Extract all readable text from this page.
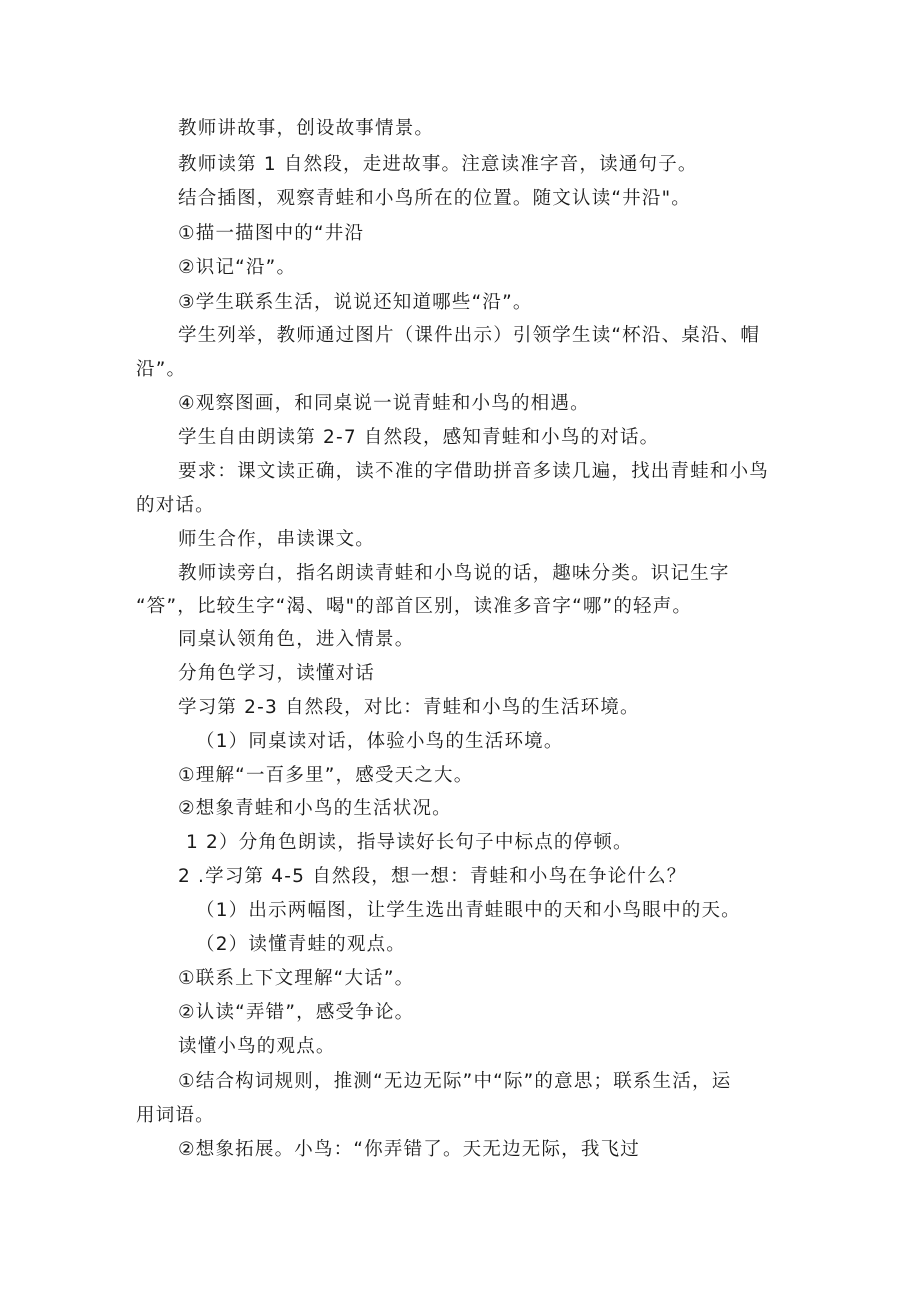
教师讲故事，创设故事情景。
教师读第 1 自然段，走进故事。注意读准字音，读通句子。
结合插图，观察青蛙和小鸟所在的位置。随文认读“井沿"。
①描一描图中的“井沿
②识记“沿”。
③学生联系生活，说说还知道哪些“沿”。
学生列举，教师通过图片（课件出示）引领学生读“杯沿、桌沿、帽
沿”。
④观察图画，和同桌说一说青蛙和小鸟的相遇。
学生自由朗读第 2-7 自然段，感知青蛙和小鸟的对话。
要求：课文读正确，读不准的字借助拼音多读几遍，找出青蛙和小鸟
的对话。
师生合作，串读课文。
教师读旁白，指名朗读青蛙和小鸟说的话，趣味分类。识记生字
“答”，比较生字“渴、喝"的部首区别，读准多音字“哪”的轻声。
同桌认领角色，进入情景。
分角色学习，读懂对话
学习第 2-3 自然段，对比：青蛙和小鸟的生活环境。
（1）同桌读对话，体验小鸟的生活环境。
①理解“一百多里”，感受天之大。
②想象青蛙和小鸟的生活状况。
1 2）分角色朗读，指导读好长句子中标点的停顿。
2 .学习第 4-5 自然段，想一想：青蛙和小鸟在争论什么？
（1）出示两幅图，让学生选出青蛙眼中的天和小鸟眼中的天。
（2）读懂青蛙的观点。
①联系上下文理解“大话”。
②认读“弄错”，感受争论。
读懂小鸟的观点。
①结合构词规则，推测“无边无际”中“际”的意思；联系生活，运
用词语。
②想象拓展。小鸟：“你弄错了。天无边无际，我飞过
